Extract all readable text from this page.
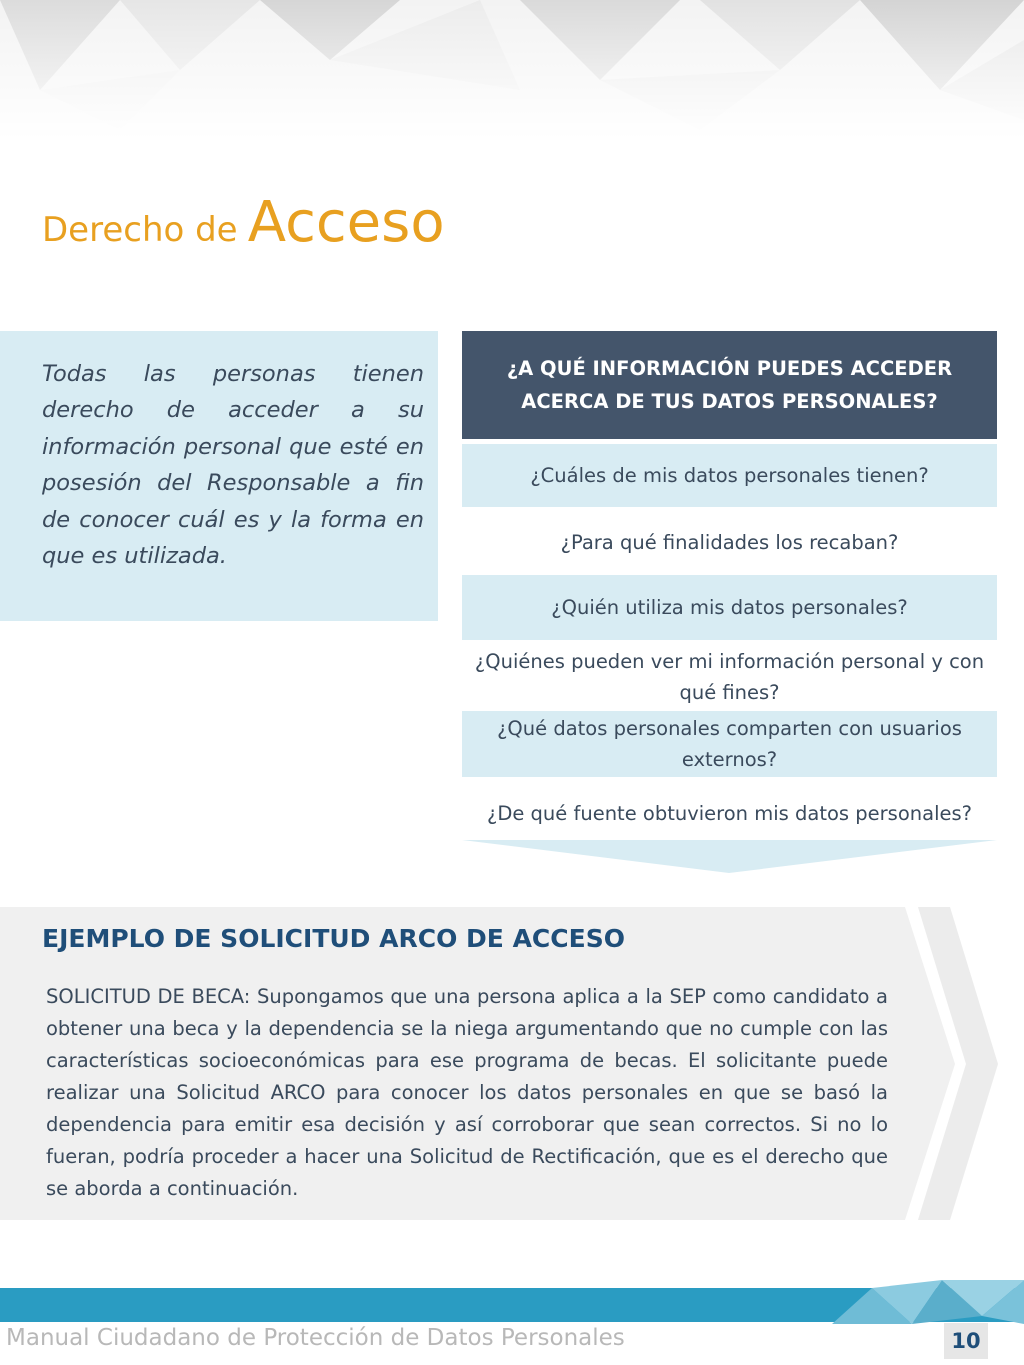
Derecho de Acceso

Todas las personas tienen derecho de acceder a su información personal que esté en posesión del Responsable a fin de conocer cuál es y la forma en que es utilizada.

¿A QUÉ INFORMACIÓN PUEDES ACCEDER ACERCA DE TUS DATOS PERSONALES?
¿Cuáles de mis datos personales tienen?
¿Para qué finalidades los recaban?
¿Quién utiliza mis datos personales?
¿Quiénes pueden ver mi información personal y con qué fines?
¿Qué datos personales comparten con usuarios externos?
¿De qué fuente obtuvieron mis datos personales?
EJEMPLO DE SOLICITUD ARCO DE ACCESO

SOLICITUD DE BECA: Supongamos que una persona aplica a la SEP como candidato a obtener una beca y la dependencia se la niega argumentando que no cumple con las características socioeconómicas para ese programa de becas. El solicitante puede realizar una Solicitud ARCO para conocer los datos personales en que se basó la dependencia para emitir esa decisión y así corroborar que sean correctos. Si no lo fueran, podría proceder a hacer una Solicitud de Rectificación, que es el derecho que se aborda a continuación.

Manual Ciudadano de Protección de Datos Personales	10
